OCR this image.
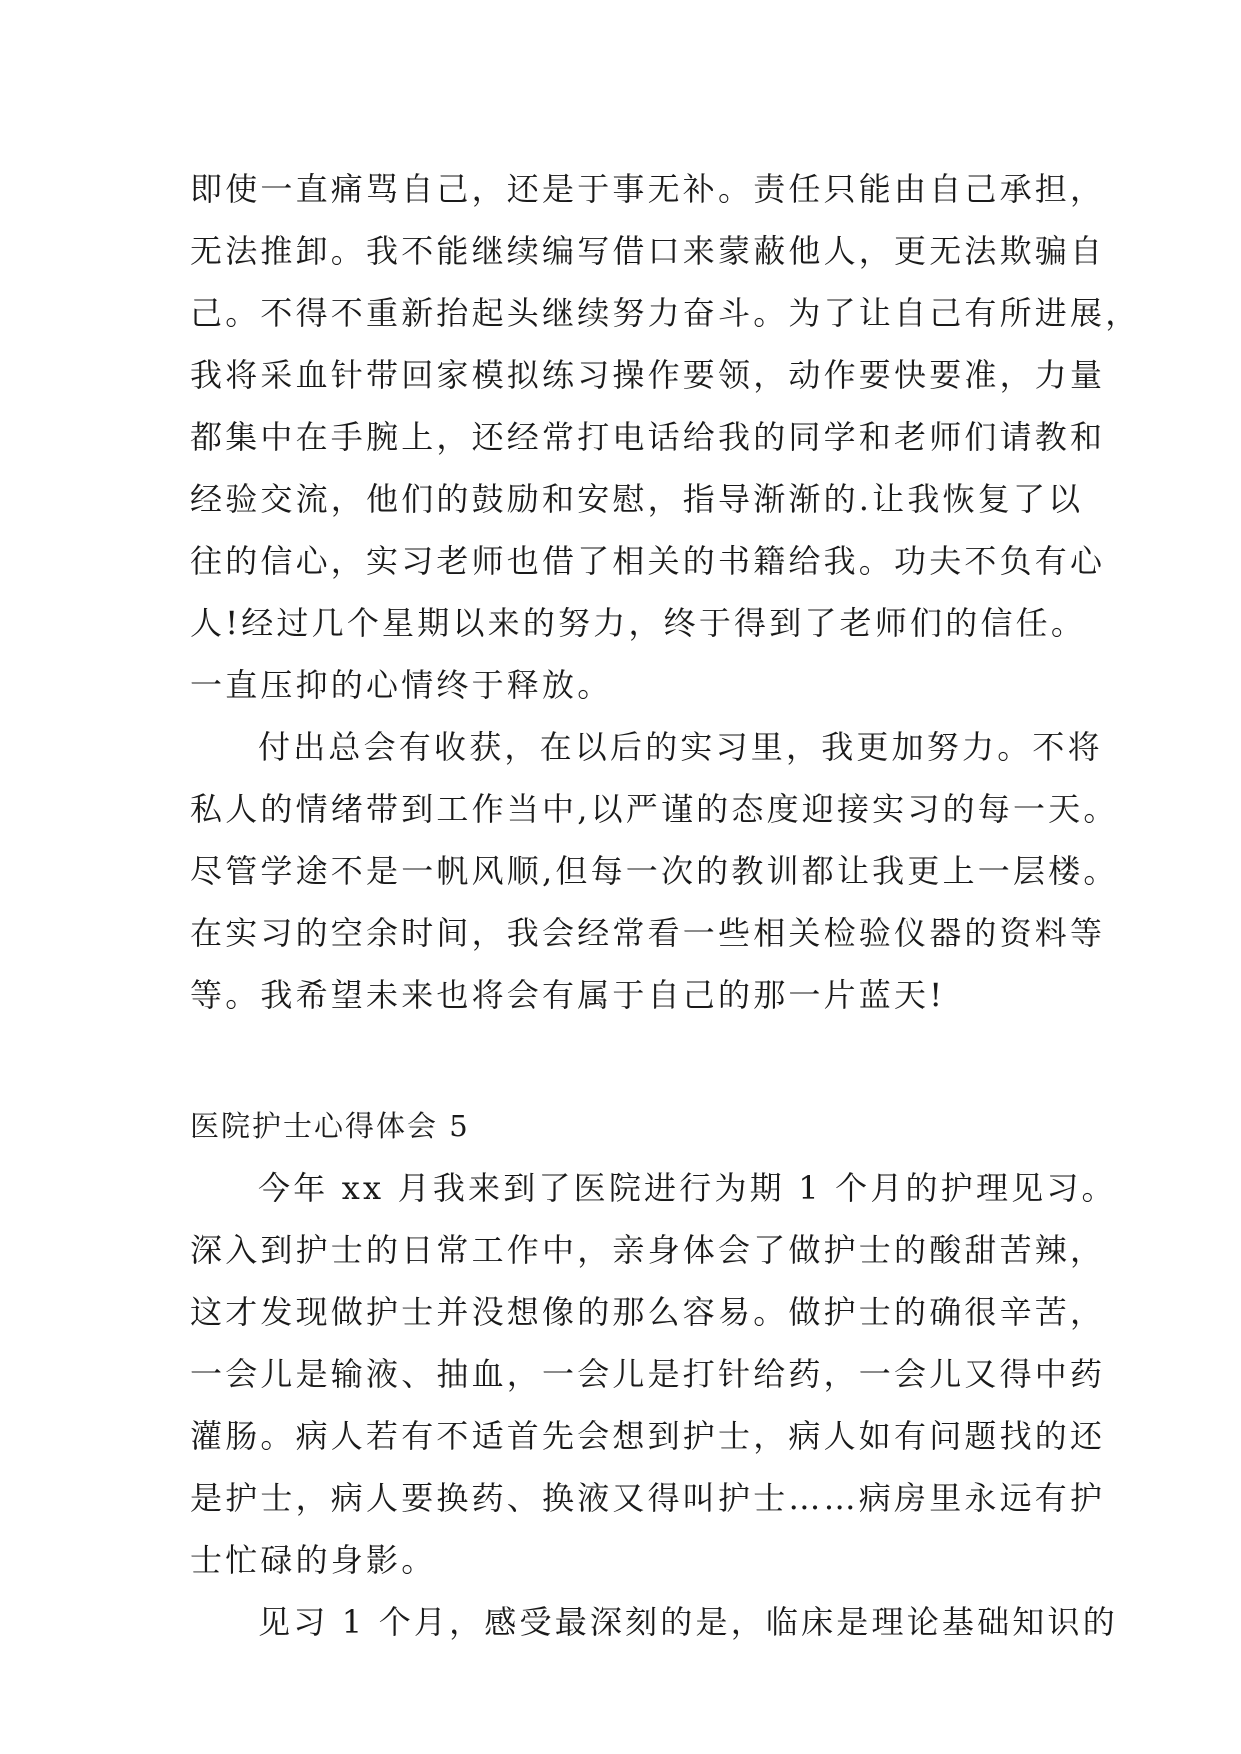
即使一直痛骂自己，还是于事无补。责任只能由自己承担，
无法推卸。我不能继续编写借口来蒙蔽他人，更无法欺骗自
己。不得不重新抬起头继续努力奋斗。为了让自己有所进展，
我将采血针带回家模拟练习操作要领，动作要快要准，力量
都集中在手腕上，还经常打电话给我的同学和老师们请教和
经验交流，他们的鼓励和安慰，指导渐渐的.让我恢复了以
往的信心，实习老师也借了相关的书籍给我。功夫不负有心
人!经过几个星期以来的努力，终于得到了老师们的信任。
一直压抑的心情终于释放。
付出总会有收获，在以后的实习里，我更加努力。不将
私人的情绪带到工作当中,以严谨的态度迎接实习的每一天。
尽管学途不是一帆风顺,但每一次的教训都让我更上一层楼。
在实习的空余时间，我会经常看一些相关检验仪器的资料等
等。我希望未来也将会有属于自己的那一片蓝天!
医院护士心得体会 5
今年 xx 月我来到了医院进行为期 1 个月的护理见习。
深入到护士的日常工作中，亲身体会了做护士的酸甜苦辣，
这才发现做护士并没想像的那么容易。做护士的确很辛苦，
一会儿是输液、抽血，一会儿是打针给药，一会儿又得中药
灌肠。病人若有不适首先会想到护士，病人如有问题找的还
是护士，病人要换药、换液又得叫护士……病房里永远有护
士忙碌的身影。
见习 1 个月，感受最深刻的是，临床是理论基础知识的
